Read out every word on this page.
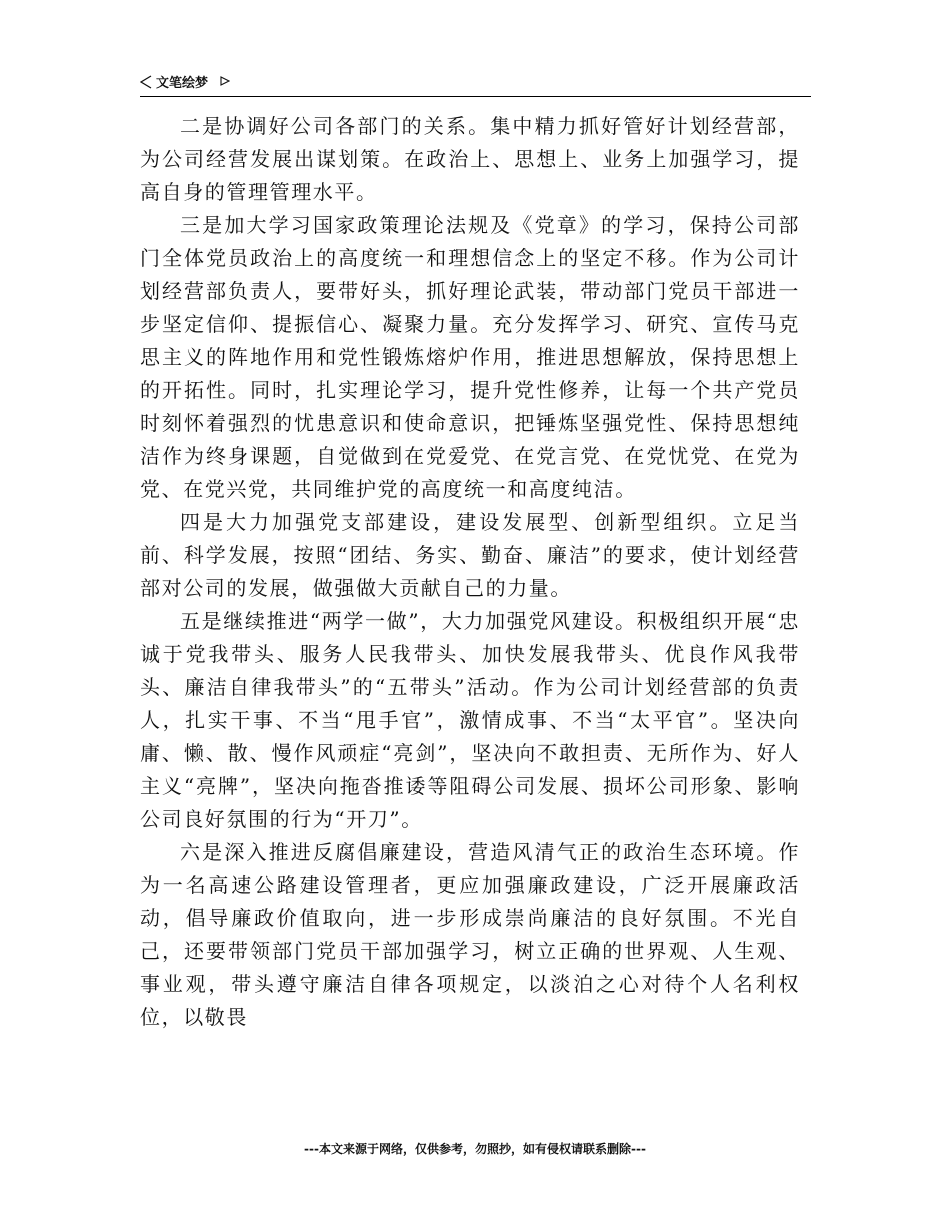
文笔绘梦

二是协调好公司各部门的关系。集中精力抓好管好计划经营部，为公司经营发展出谋划策。在政治上、思想上、业务上加强学习，提高自身的管理管理水平。

三是加大学习国家政策理论法规及《党章》的学习，保持公司部门全体党员政治上的高度统一和理想信念上的坚定不移。作为公司计划经营部负责人，要带好头，抓好理论武装，带动部门党员干部进一步坚定信仰、提振信心、凝聚力量。充分发挥学习、研究、宣传马克思主义的阵地作用和党性锻炼熔炉作用，推进思想解放，保持思想上的开拓性。同时，扎实理论学习，提升党性修养，让每一个共产党员时刻怀着强烈的忧患意识和使命意识，把锤炼坚强党性、保持思想纯洁作为终身课题，自觉做到在党爱党、在党言党、在党忧党、在党为党、在党兴党，共同维护党的高度统一和高度纯洁。

四是大力加强党支部建设，建设发展型、创新型组织。立足当前、科学发展，按照“团结、务实、勤奋、廉洁”的要求，使计划经营部对公司的发展，做强做大贡献自己的力量。

五是继续推进“两学一做”，大力加强党风建设。积极组织开展“忠诚于党我带头、服务人民我带头、加快发展我带头、优良作风我带头、廉洁自律我带头”的“五带头”活动。作为公司计划经营部的负责人，扎实干事、不当“甩手官”，激情成事、不当“太平官”。坚决向庸、懒、散、慢作风顽症“亮剑”，坚决向不敢担责、无所作为、好人主义“亮牌”，坚决向拖沓推诿等阻碍公司发展、损坏公司形象、影响公司良好氛围的行为“开刀”。

六是深入推进反腐倡廉建设，营造风清气正的政治生态环境。作为一名高速公路建设管理者，更应加强廉政建设，广泛开展廉政活动，倡导廉政价值取向，进一步形成崇尚廉洁的良好氛围。不光自己，还要带领部门党员干部加强学习，树立正确的世界观、人生观、事业观，带头遵守廉洁自律各项规定，以淡泊之心对待个人名利权位，以敬畏

---本文来源于网络，仅供参考，勿照抄，如有侵权请联系删除---
